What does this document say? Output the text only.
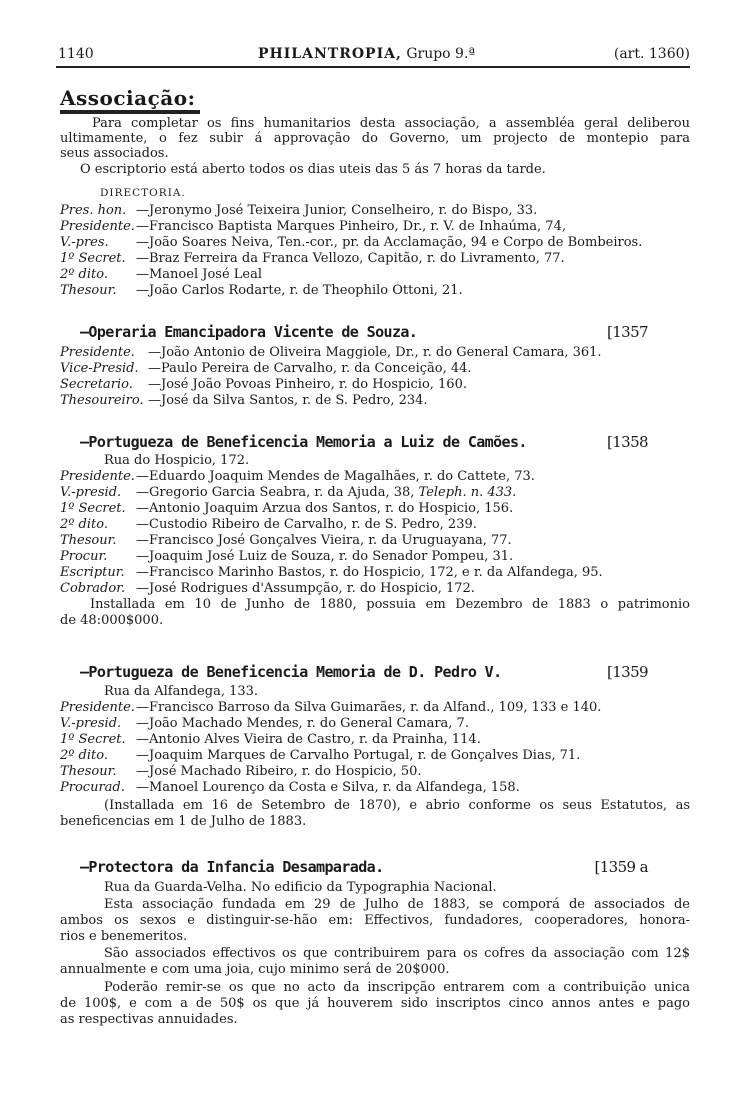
1140	PHILANTROPIA, Grupo 9.ª	(art. 1360)
Associação:
Para completar os fins humanitarios desta associação, a assembléa geral deliberou
ultimamente, o fez subir á approvação do Governo, um projecto de montepio para
seus associados.
O escriptorio está aberto todos os dias uteis das 5 ás 7 horas da tarde.
DIRECTORIA.
Pres. hon. —Jeronymo José Teixeira Junior, Conselheiro, r. do Bispo, 33.
Presidente.—Francisco Baptista Marques Pinheiro, Dr., r. V. de Inhaúma, 74,
V.-pres. —João Soares Neiva, Ten.-cor., pr. da Acclamação, 94 e Corpo de Bombeiros.
1º Secret. —Braz Ferreira da Franca Vellozo, Capitão, r. do Livramento, 77.
2º dito. —Manoel José Leal
Thesour. —João Carlos Rodarte, r. de Theophilo Ottoni, 21.
—Operaria Emancipadora Vicente de Souza.	[1357
Presidente. —João Antonio de Oliveira Maggiole, Dr., r. do General Camara, 361.
Vice-Presid. —Paulo Pereira de Carvalho, r. da Conceição, 44.
Secretario. —José João Povoas Pinheiro, r. do Hospicio, 160.
Thesoureiro. —José da Silva Santos, r. de S. Pedro, 234.
—Portugueza de Beneficencia Memoria a Luiz de Camões.	[1358
Rua do Hospicio, 172.
Presidente.—Eduardo Joaquim Mendes de Magalhães, r. do Cattete, 73.
V.-presid. —Gregorio Garcia Seabra, r. da Ajuda, 38, Teleph. n. 433.
1º Secret. —Antonio Joaquim Arzua dos Santos, r. do Hospicio, 156.
2º dito. —Custodio Ribeiro de Carvalho, r. de S. Pedro, 239.
Thesour. —Francisco José Gonçalves Vieira, r. da Uruguayana, 77.
Procur. —Joaquim José Luiz de Souza, r. do Senador Pompeu, 31.
Escriptur. —Francisco Marinho Bastos, r. do Hospicio, 172, e r. da Alfandega, 95.
Cobrador. —José Rodrigues d'Assumpção, r. do Hospicio, 172.
Installada em 10 de Junho de 1880, possuia em Dezembro de 1883 o patrimonio
de 48:000$000.
—Portugueza de Beneficencia Memoria de D. Pedro V.	[1359
Rua da Alfandega, 133.
Presidente.—Francisco Barroso da Silva Guimarães, r. da Alfand., 109, 133 e 140.
V.-presid. —João Machado Mendes, r. do General Camara, 7.
1º Secret. —Antonio Alves Vieira de Castro, r. da Prainha, 114.
2º dito. —Joaquim Marques de Carvalho Portugal, r. de Gonçalves Dias, 71.
Thesour. —José Machado Ribeiro, r. do Hospicio, 50.
Procurad. —Manoel Lourenço da Costa e Silva, r. da Alfandega, 158.
(Installada em 16 de Setembro de 1870), e abrio conforme os seus Estatutos, as
beneficencias em 1 de Julho de 1883.
—Protectora da Infancia Desamparada.	[1359 a
Rua da Guarda-Velha. No edificio da Typographia Nacional.
Esta associação fundada em 29 de Julho de 1883, se comporá de associados de
ambos os sexos e distinguir-se-hão em: Effectivos, fundadores, cooperadores, honora-
rios e benemeritos.
São associados effectivos os que contribuirem para os cofres da associação com 12$
annualmente e com uma joia, cujo minimo será de 20$000.
Poderão remir-se os que no acto da inscripção entrarem com a contribuição unica
de 100$, e com a de 50$ os que já houverem sido inscriptos cinco annos antes e pago
as respectivas annuidades.
